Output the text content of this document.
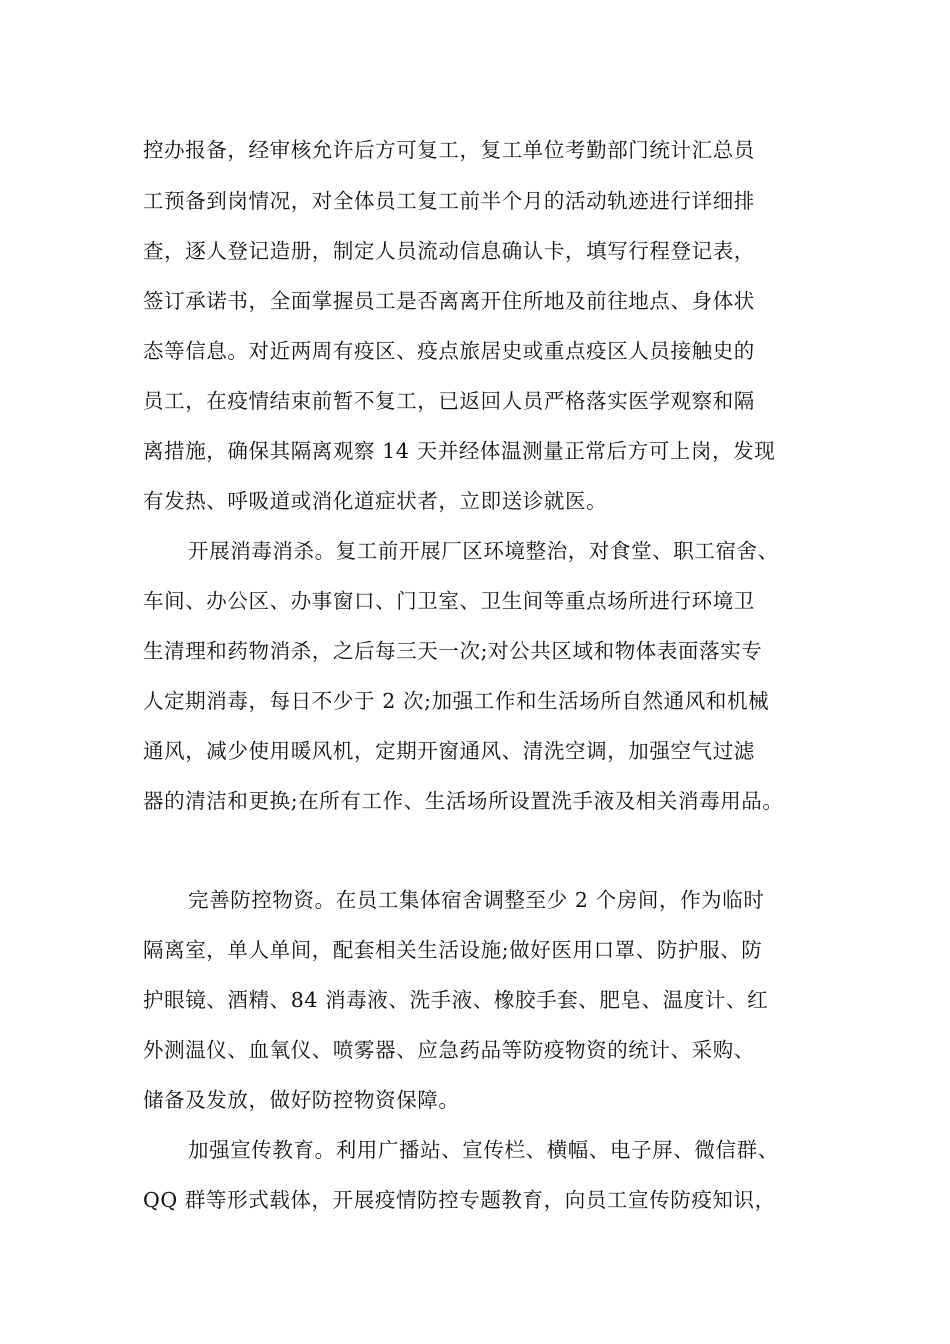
控办报备，经审核允许后方可复工，复工单位考勤部门统计汇总员
工预备到岗情况，对全体员工复工前半个月的活动轨迹进行详细排
查，逐人登记造册，制定人员流动信息确认卡，填写行程登记表，
签订承诺书，全面掌握员工是否离离开住所地及前往地点、身体状
态等信息。对近两周有疫区、疫点旅居史或重点疫区人员接触史的
员工，在疫情结束前暂不复工，已返回人员严格落实医学观察和隔
离措施，确保其隔离观察 14 天并经体温测量正常后方可上岗，发现
有发热、呼吸道或消化道症状者，立即送诊就医。
开展消毒消杀。复工前开展厂区环境整治，对食堂、职工宿舍、
车间、办公区、办事窗口、门卫室、卫生间等重点场所进行环境卫
生清理和药物消杀，之后每三天一次;对公共区域和物体表面落实专
人定期消毒，每日不少于 2 次;加强工作和生活场所自然通风和机械
通风，减少使用暖风机，定期开窗通风、清洗空调，加强空气过滤
器的清洁和更换;在所有工作、生活场所设置洗手液及相关消毒用品。
完善防控物资。在员工集体宿舍调整至少 2 个房间，作为临时
隔离室，单人单间，配套相关生活设施;做好医用口罩、防护服、防
护眼镜、酒精、84 消毒液、洗手液、橡胶手套、肥皂、温度计、红
外测温仪、血氧仪、喷雾器、应急药品等防疫物资的统计、采购、
储备及发放，做好防控物资保障。
加强宣传教育。利用广播站、宣传栏、横幅、电子屏、微信群、
QQ 群等形式载体，开展疫情防控专题教育，向员工宣传防疫知识，
